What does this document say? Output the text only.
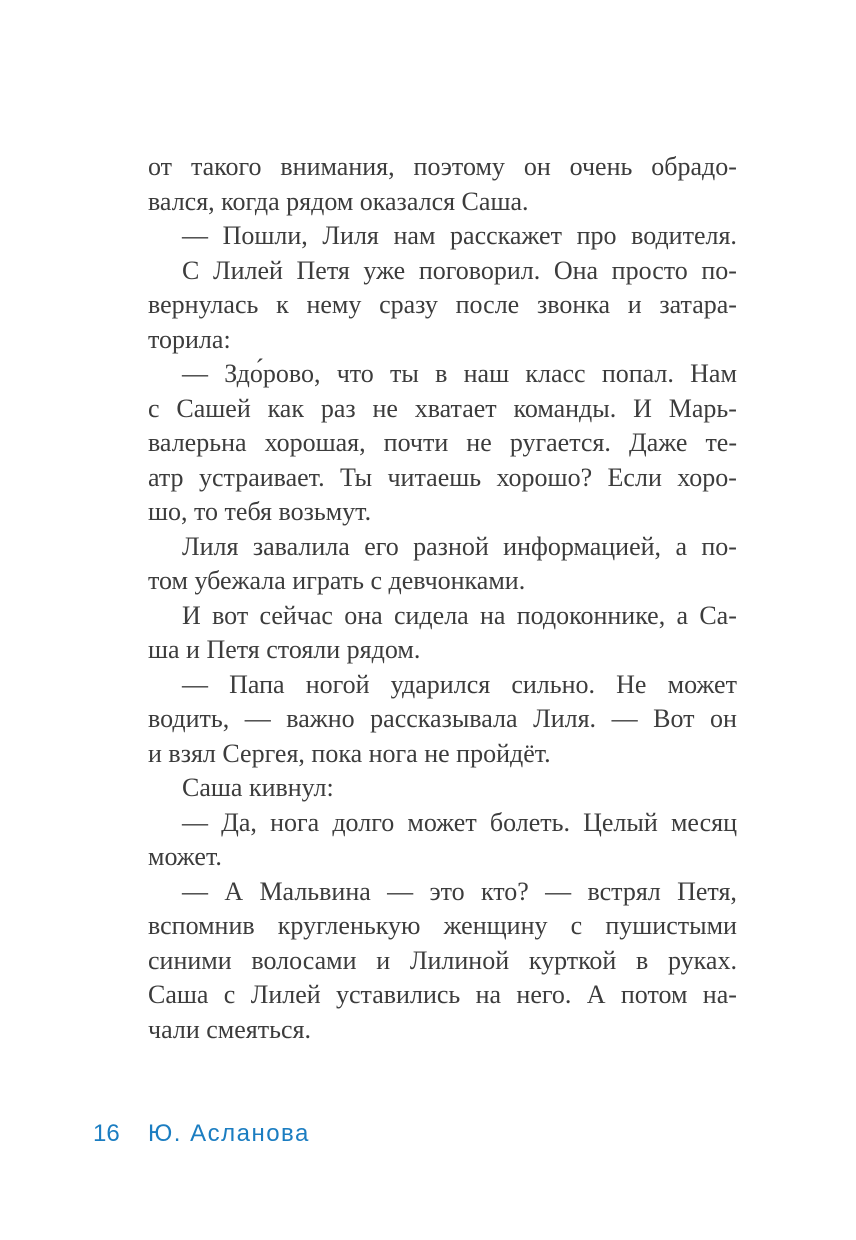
от такого внимания, поэтому он очень обрадо-
вался, когда рядом оказался Саша.
— Пошли, Лиля нам расскажет про водителя.
С Лилей Петя уже поговорил. Она просто по-
вернулась к нему сразу после звонка и затара-
торила:
— Здо́рово, что ты в наш класс попал. Нам
с Сашей как раз не хватает команды. И Марь-
валерьна хорошая, почти не ругается. Даже те-
атр устраивает. Ты читаешь хорошо? Если хоро-
шо, то тебя возьмут.
Лиля завалила его разной информацией, а по-
том убежала играть с девчонками.
И вот сейчас она сидела на подоконнике, а Са-
ша и Петя стояли рядом.
— Папа ногой ударился сильно. Не может
водить, — важно рассказывала Лиля. — Вот он
и взял Сергея, пока нога не пройдёт.
Саша кивнул:
— Да, нога долго может болеть. Целый месяц
может.
— А Мальвина — это кто? — встрял Петя,
вспомнив кругленькую женщину с пушистыми
синими волосами и Лилиной курткой в руках.
Саша с Лилей уставились на него. А потом на-
чали смеяться.
16 Ю. Асланова
